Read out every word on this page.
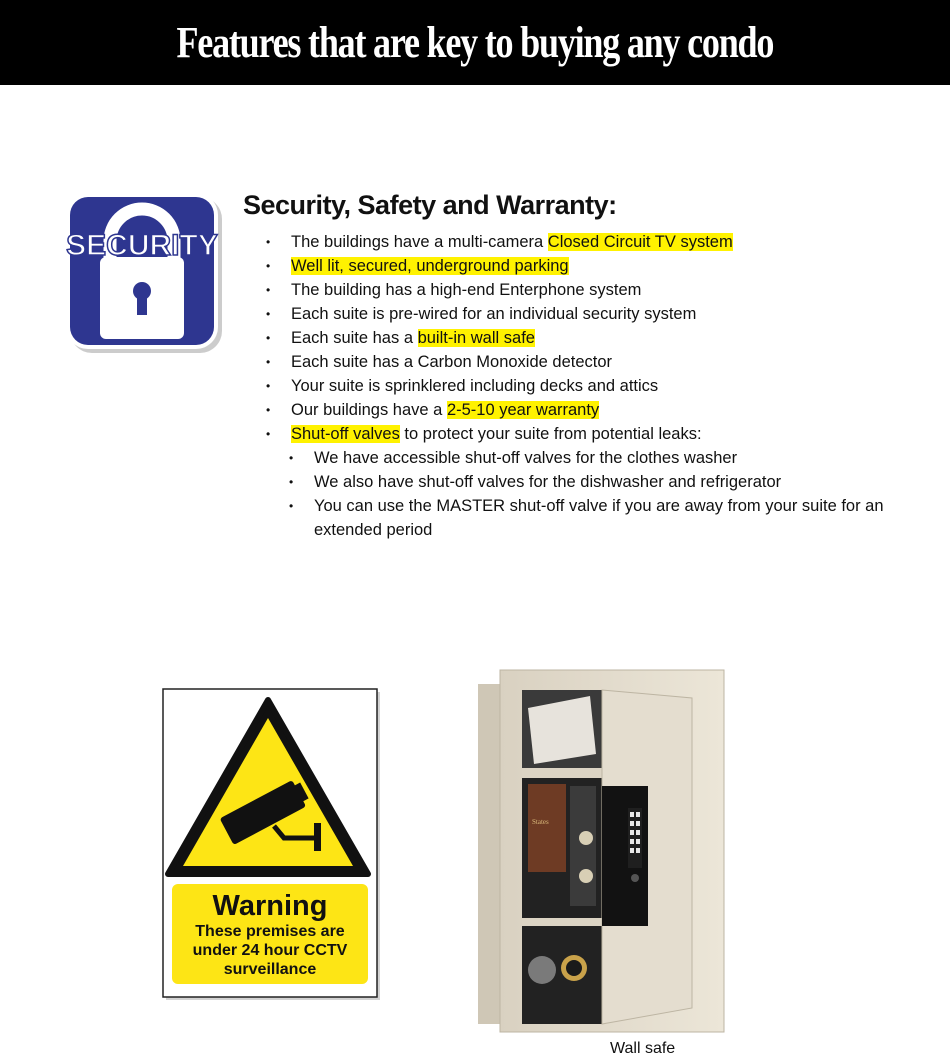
Features that are key to buying any condo
SECURITY
Security, Safety and Warranty:
• The buildings have a multi-camera Closed Circuit TV system
• Well lit, secured, underground parking
• The building has a high-end Enterphone system
• Each suite is pre-wired for an individual security system
• Each suite has a built-in wall safe
• Each suite has a Carbon Monoxide detector
• Your suite is sprinklered including decks and attics
• Our buildings have a 2-5-10 year warranty
• Shut-off valves to protect your suite from potential leaks:
• We have accessible shut-off valves for the clothes washer
• We also have shut-off valves for the dishwasher and refrigerator
• You can use the MASTER shut-off valve if you are away from your suite for an extended period
Warning
These premises are
under 24 hour CCTV
surveillance
States
Wall safe
